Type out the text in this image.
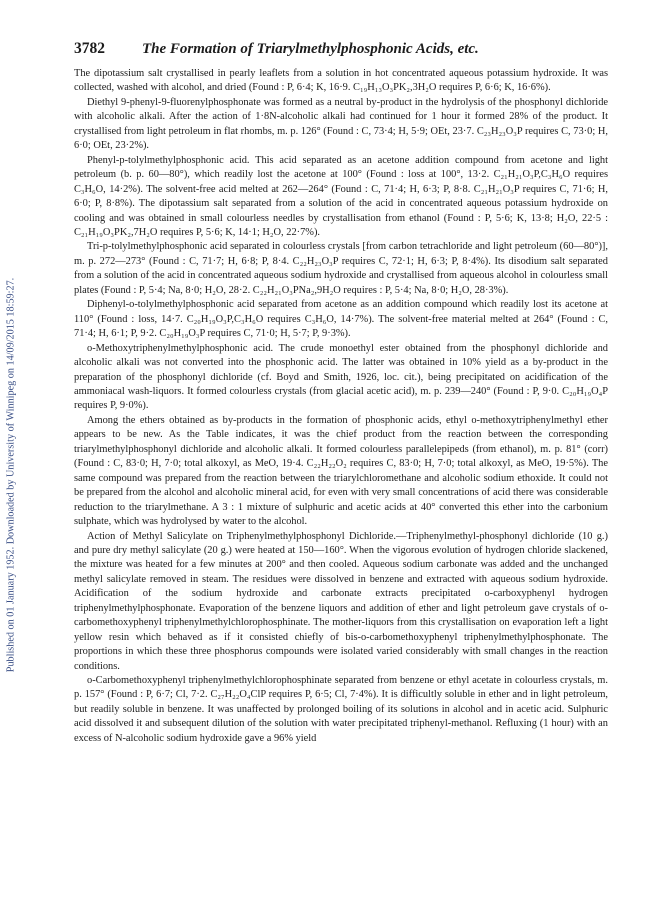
Published on 01 January 1952. Downloaded by University of Winnipeg on 14/09/2015 18:59:27.
3782	The Formation of Triarylmethylphosphonic Acids, etc.

The dipotassium salt crystallised in pearly leaflets from a solution in hot concentrated aqueous potassium hydroxide. It was collected, washed with alcohol, and dried (Found : P, 6·4; K, 16·9. C₁₉H₁₃O₃PK₂,3H₂O requires P, 6·6; K, 16·6%).

Diethyl 9-phenyl-9-fluorenylphosphonate was formed as a neutral by-product in the hydrolysis of the phosphonyl dichloride with alcoholic alkali. After the action of 1·8N-alcoholic alkali had continued for 1 hour it formed 28% of the product. It crystallised from light petroleum in flat rhombs, m. p. 126° (Found : C, 73·4; H, 5·9; OEt, 23·7. C₂₃H₂₃O₃P requires C, 73·0; H, 6·0; OEt, 23·2%).

Phenyl-p-tolylmethylphosphonic acid. This acid separated as an acetone addition compound from acetone and light petroleum (b. p. 60—80°), which readily lost the acetone at 100° (Found : loss at 100°, 13·2. C₂₁H₂₁O₃P,C₃H₆O requires C₃H₆O, 14·2%). The solvent-free acid melted at 262—264° (Found : C, 71·4; H, 6·3; P, 8·8. C₂₁H₂₁O₃P requires C, 71·6; H, 6·0; P, 8·8%). The dipotassium salt separated from a solution of the acid in concentrated aqueous potassium hydroxide on cooling and was obtained in small colourless needles by crystallisation from ethanol (Found : P, 5·6; K, 13·8; H₂O, 22·5 : C₂₁H₁₉O₃PK₂,7H₂O requires P, 5·6; K, 14·1; H₂O, 22·7%).

Tri-p-tolylmethylphosphonic acid separated in colourless crystals [from carbon tetrachloride and light petroleum (60—80°)], m. p. 272—273° (Found : C, 71·7; H, 6·8; P, 8·4. C₂₂H₂₃O₃P requires C, 72·1; H, 6·3; P, 8·4%). Its disodium salt separated from a solution of the acid in concentrated aqueous sodium hydroxide and crystallised from aqueous alcohol in colourless small plates (Found : P, 5·4; Na, 8·0; H₂O, 28·2. C₂₂H₂₁O₃PNa₂,9H₂O requires : P, 5·4; Na, 8·0; H₂O, 28·3%).

Diphenyl-o-tolylmethylphosphonic acid separated from acetone as an addition compound which readily lost its acetone at 110° (Found : loss, 14·7. C₂₀H₁₉O₃P,C₃H₆O requires C₃H₆O, 14·7%). The solvent-free material melted at 264° (Found : C, 71·4; H, 6·1; P, 9·2. C₂₀H₁₉O₃P requires C, 71·0; H, 5·7; P, 9·3%).

o-Methoxytriphenylmethylphosphonic acid. The crude monoethyl ester obtained from the phosphonyl dichloride and alcoholic alkali was not converted into the phosphonic acid. The latter was obtained in 10% yield as a by-product in the preparation of the phosphonyl dichloride (cf. Boyd and Smith, 1926, loc. cit.), being precipitated on acidification of the ammoniacal wash-liquors. It formed colourless crystals (from glacial acetic acid), m. p. 239—240° (Found : P, 9·0. C₂₀H₁₉O₄P requires P, 9·0%).

Among the ethers obtained as by-products in the formation of phosphonic acids, ethyl o-methoxytriphenylmethyl ether appears to be new. As the Table indicates, it was the chief product from the reaction between the corresponding triarylmethylphosphonyl dichloride and alcoholic alkali. It formed colourless parallelepipeds (from ethanol), m. p. 81° (corr) (Found : C, 83·0; H, 7·0; total alkoxyl, as MeO, 19·4. C₂₂H₂₂O₂ requires C, 83·0; H, 7·0; total alkoxyl, as MeO, 19·5%). The same compound was prepared from the reaction between the triarylchloromethane and alcoholic sodium ethoxide. It could not be prepared from the alcohol and alcoholic mineral acid, for even with very small concentrations of acid there was considerable reduction to the triarylmethane. A 3 : 1 mixture of sulphuric and acetic acids at 40° converted this ether into the carbonium sulphate, which was hydrolysed by water to the alcohol.

Action of Methyl Salicylate on Triphenylmethylphosphonyl Dichloride.—Triphenylmethyl-phosphonyl dichloride (10 g.) and pure dry methyl salicylate (20 g.) were heated at 150—160°. When the vigorous evolution of hydrogen chloride slackened, the mixture was heated for a few minutes at 200° and then cooled. Aqueous sodium carbonate was added and the unchanged methyl salicylate removed in steam. The residues were dissolved in benzene and extracted with aqueous sodium hydroxide. Acidification of the sodium hydroxide and carbonate extracts precipitated o-carboxyphenyl hydrogen triphenylmethylphosphonate. Evaporation of the benzene liquors and addition of ether and light petroleum gave crystals of o-carbomethoxyphenyl triphenylmethylchlorophosphinate. The mother-liquors from this crystallisation on evaporation left a light yellow resin which behaved as if it consisted chiefly of bis-o-carbomethoxyphenyl triphenylmethylphosphonate. The proportions in which these three phosphorus compounds were isolated varied considerably with small changes in the reaction conditions.

o-Carbomethoxyphenyl triphenylmethylchlorophosphinate separated from benzene or ethyl acetate in colourless crystals, m. p. 157° (Found : P, 6·7; Cl, 7·2. C₂₇H₂₂O₄ClP requires P, 6·5; Cl, 7·4%). It is difficultly soluble in ether and in light petroleum, but readily soluble in benzene. It was unaffected by prolonged boiling of its solutions in alcohol and in acetic acid. Sulphuric acid dissolved it and subsequent dilution of the solution with water precipitated triphenyl-methanol. Refluxing (1 hour) with an excess of N-alcoholic sodium hydroxide gave a 96% yield
